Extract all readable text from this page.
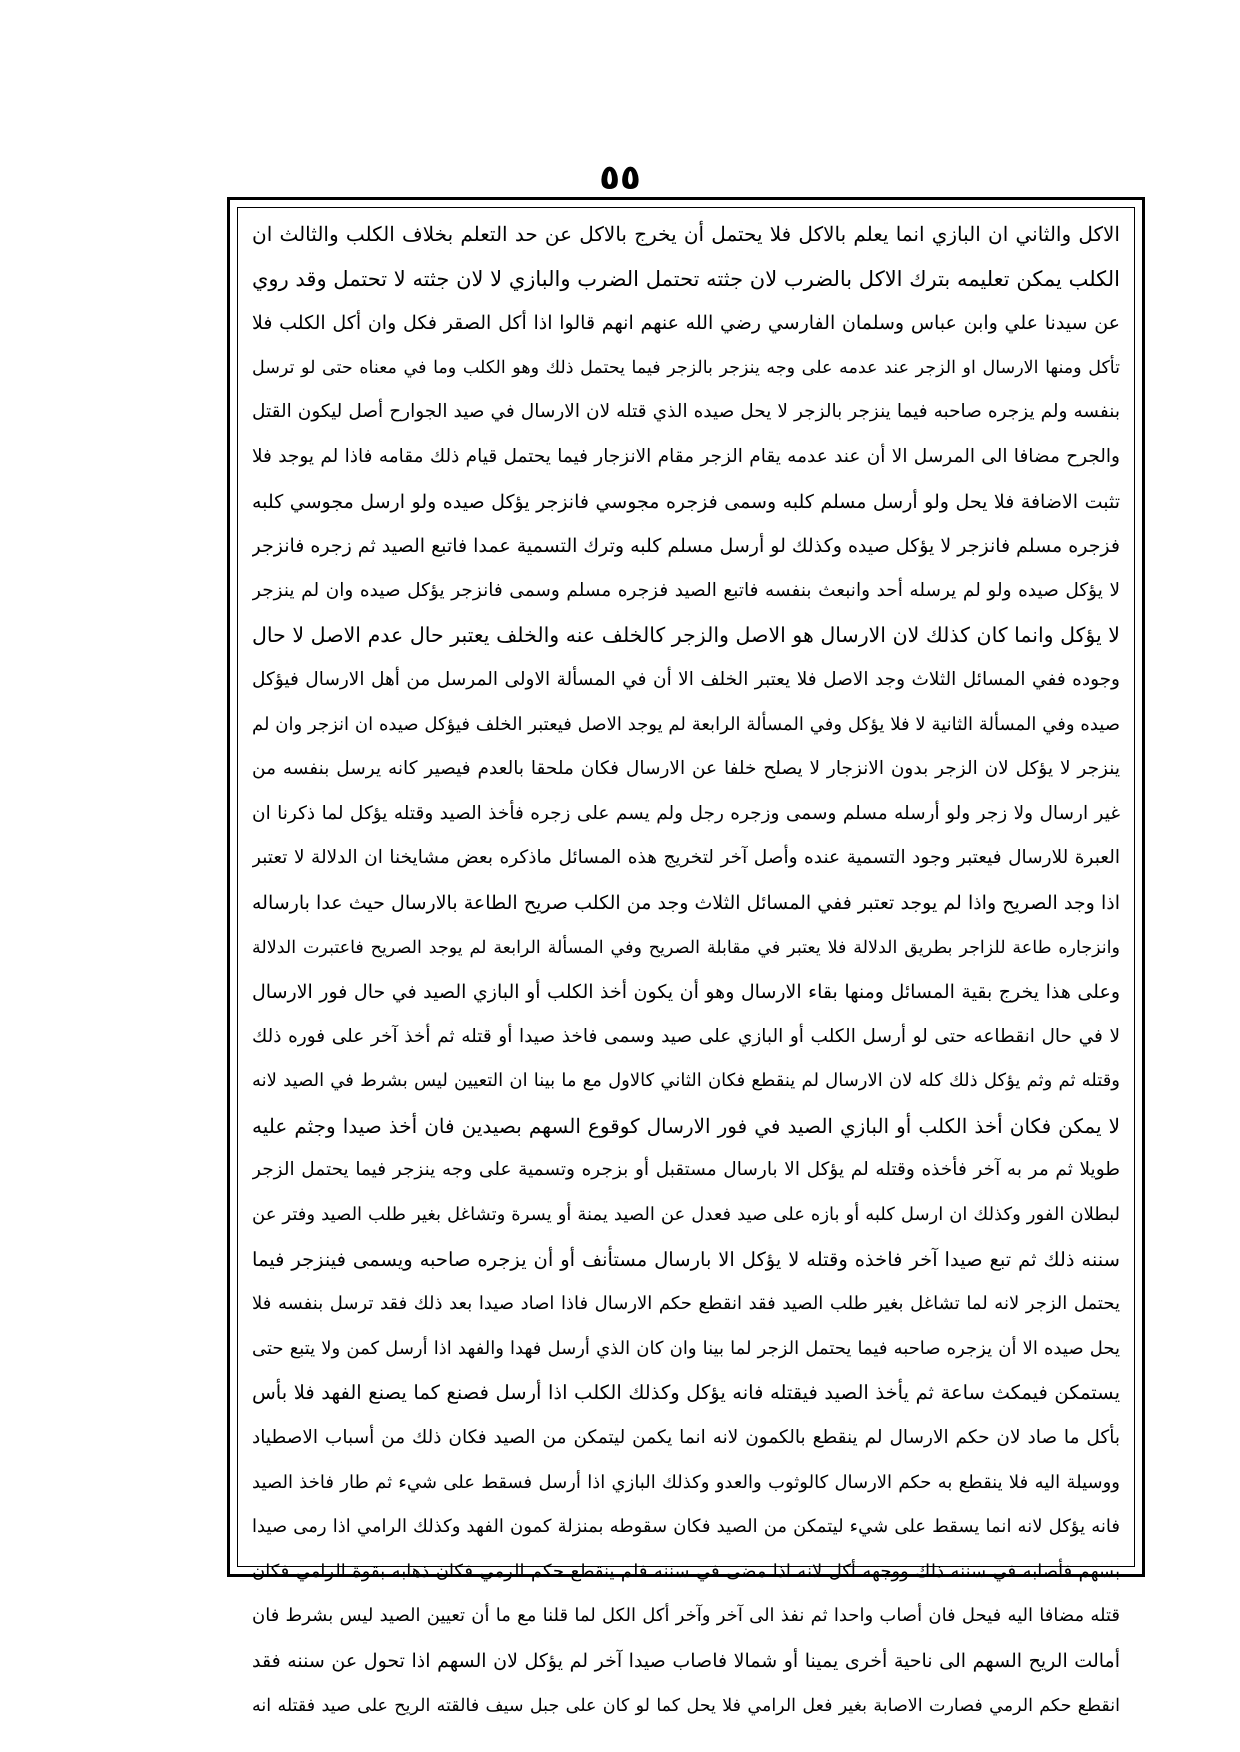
٥٥
الاكل والثاني ان البازي انما يعلم بالاكل فلا يحتمل أن يخرج بالاكل عن حد التعلم بخلاف الكلب والثالث ان
الكلب يمكن تعليمه بترك الاكل بالضرب لان جثته تحتمل الضرب والبازي لا لان جثته لا تحتمل وقد روي
عن سيدنا علي وابن عباس وسلمان الفارسي رضي الله عنهم انهم قالوا اذا أكل الصقر فكل وان أكل الكلب فلا
تأكل ومنها الارسال او الزجر عند عدمه على وجه ينزجر بالزجر فيما يحتمل ذلك وهو الكلب وما في معناه حتى لو ترسل
بنفسه ولم يزجره صاحبه فيما ينزجر بالزجر لا يحل صيده الذي قتله لان الارسال في صيد الجوارح أصل ليكون القتل
والجرح مضافا الى المرسل الا أن عند عدمه يقام الزجر مقام الانزجار فيما يحتمل قيام ذلك مقامه فاذا لم يوجد فلا
تثبت الاضافة فلا يحل ولو أرسل مسلم كلبه وسمى فزجره مجوسي فانزجر يؤكل صيده ولو ارسل مجوسي كلبه
فزجره مسلم فانزجر لا يؤكل صيده وكذلك لو أرسل مسلم كلبه وترك التسمية عمدا فاتبع الصيد ثم زجره فانزجر
لا يؤكل صيده ولو لم يرسله أحد وانبعث بنفسه فاتبع الصيد فزجره مسلم وسمى فانزجر يؤكل صيده وان لم ينزجر
لا يؤكل وانما كان كذلك لان الارسال هو الاصل والزجر كالخلف عنه والخلف يعتبر حال عدم الاصل لا حال
وجوده ففي المسائل الثلاث وجد الاصل فلا يعتبر الخلف الا أن في المسألة الاولى المرسل من أهل الارسال فيؤكل
صيده وفي المسألة الثانية لا فلا يؤكل وفي المسألة الرابعة لم يوجد الاصل فيعتبر الخلف فيؤكل صيده ان انزجر وان لم
ينزجر لا يؤكل لان الزجر بدون الانزجار لا يصلح خلفا عن الارسال فكان ملحقا بالعدم فيصير كانه يرسل بنفسه من
غير ارسال ولا زجر ولو أرسله مسلم وسمى وزجره رجل ولم يسم على زجره فأخذ الصيد وقتله يؤكل لما ذكرنا ان
العبرة للارسال فيعتبر وجود التسمية عنده وأصل آخر لتخريج هذه المسائل ماذكره بعض مشايخنا ان الدلالة لا تعتبر
اذا وجد الصريح واذا لم يوجد تعتبر ففي المسائل الثلاث وجد من الكلب صريح الطاعة بالارسال حيث عدا بارساله
وانزجاره طاعة للزاجر بطريق الدلالة فلا يعتبر في مقابلة الصريح وفي المسألة الرابعة لم يوجد الصريح فاعتبرت الدلالة
وعلى هذا يخرج بقية المسائل ومنها بقاء الارسال وهو أن يكون أخذ الكلب أو البازي الصيد في حال فور الارسال
لا في حال انقطاعه حتى لو أرسل الكلب أو البازي على صيد وسمى فاخذ صيدا أو قتله ثم أخذ آخر على فوره ذلك
وقتله ثم وثم يؤكل ذلك كله لان الارسال لم ينقطع فكان الثاني كالاول مع ما بينا ان التعيين ليس بشرط في الصيد لانه
لا يمكن فكان أخذ الكلب أو البازي الصيد في فور الارسال كوقوع السهم بصيدين فان أخذ صيدا وجثم عليه
طويلا ثم مر به آخر فأخذه وقتله لم يؤكل الا بارسال مستقبل أو بزجره وتسمية على وجه ينزجر فيما يحتمل الزجر
لبطلان الفور وكذلك ان ارسل كلبه أو بازه على صيد فعدل عن الصيد يمنة أو يسرة وتشاغل بغير طلب الصيد وفتر عن
سننه ذلك ثم تبع صيدا آخر فاخذه وقتله لا يؤكل الا بارسال مستأنف أو أن يزجره صاحبه ويسمى فينزجر فيما
يحتمل الزجر لانه لما تشاغل بغير طلب الصيد فقد انقطع حكم الارسال فاذا اصاد صيدا بعد ذلك فقد ترسل بنفسه فلا
يحل صيده الا أن يزجره صاحبه فيما يحتمل الزجر لما بينا وان كان الذي أرسل فهدا والفهد اذا أرسل كمن ولا يتبع حتى
يستمكن فيمكث ساعة ثم يأخذ الصيد فيقتله فانه يؤكل وكذلك الكلب اذا أرسل فصنع كما يصنع الفهد فلا بأس
بأكل ما صاد لان حكم الارسال لم ينقطع بالكمون لانه انما يكمن ليتمكن من الصيد فكان ذلك من أسباب الاصطياد
ووسيلة اليه فلا ينقطع به حكم الارسال كالوثوب والعدو وكذلك البازي اذا أرسل فسقط على شيء ثم طار فاخذ الصيد
فانه يؤكل لانه انما يسقط على شيء ليتمكن من الصيد فكان سقوطه بمنزلة كمون الفهد وكذلك الرامي اذا رمى صيدا
بسهم فأصابه في سننه ذلك ووجهه أكل لانه اذا مضى في سننه فلم ينقطع حكم الرمي فكان ذهابه بقوة الرامي فكان
قتله مضافا اليه فيحل فان أصاب واحدا ثم نفذ الى آخر وآخر أكل الكل لما قلنا مع ما أن تعيين الصيد ليس بشرط فان
أمالت الريح السهم الى ناحية أخرى يمينا أو شمالا فاصاب صيدا آخر لم يؤكل لان السهم اذا تحول عن سننه فقد
انقطع حكم الرمي فصارت الاصابة بغير فعل الرامي فلا يحل كما لو كان على جبل سيف فالقته الريح على صيد فقتله انه
